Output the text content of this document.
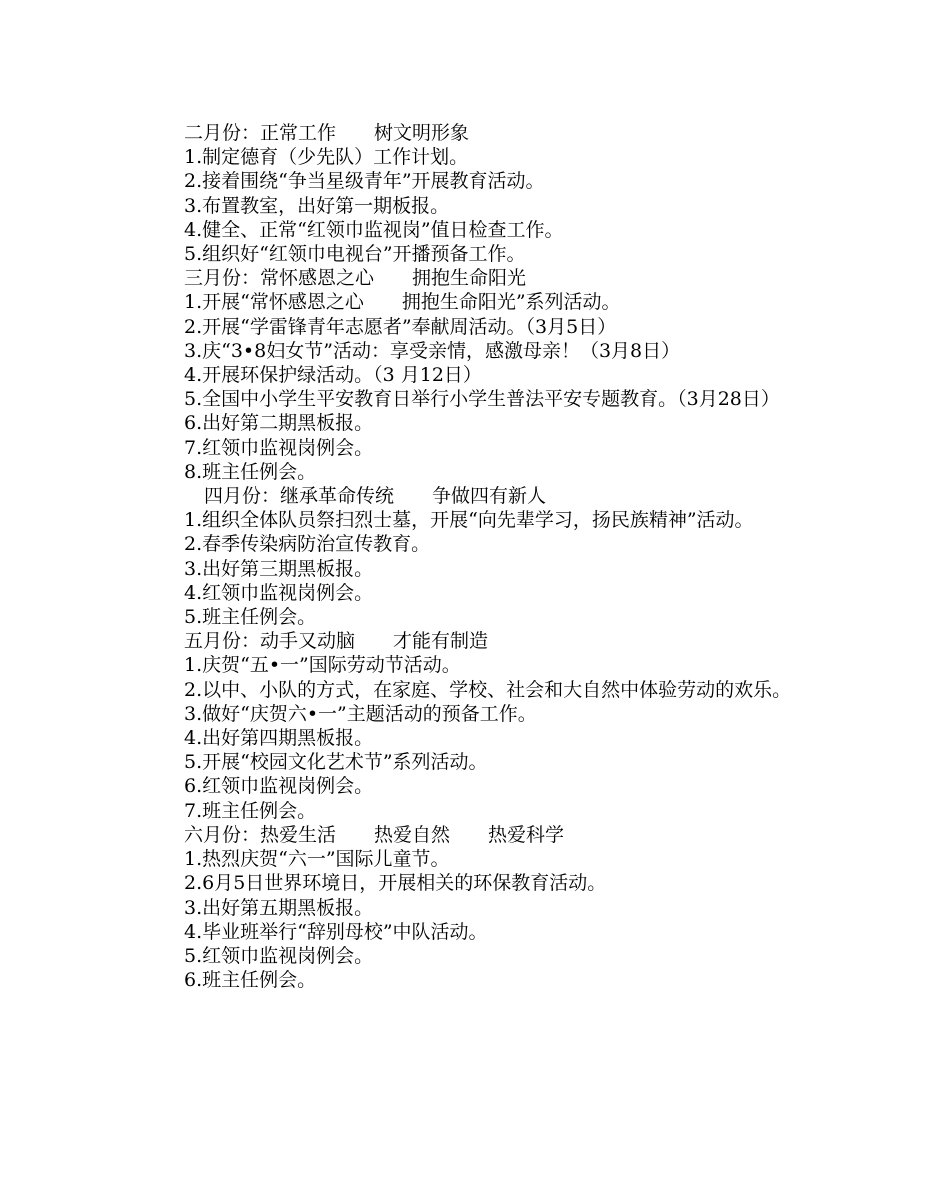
二月份：正常工作　　树文明形象
1.制定德育（少先队）工作计划。
2.接着围绕“争当星级青年”开展教育活动。
3.布置教室，出好第一期板报。
4.健全、正常“红领巾监视岗”值日检查工作。
5.组织好“红领巾电视台”开播预备工作。
三月份：常怀感恩之心　　拥抱生命阳光
1.开展“常怀感恩之心　　拥抱生命阳光”系列活动。
2.开展“学雷锋青年志愿者”奉献周活动。（3月5日）
3.庆“3•8妇女节”活动：享受亲情，感激母亲！（3月8日）
4.开展环保护绿活动。（3 月12日）
5.全国中小学生平安教育日举行小学生普法平安专题教育。（3月28日）
6.出好第二期黑板报。
7.红领巾监视岗例会。
8.班主任例会。
四月份：继承革命传统　　争做四有新人
1.组织全体队员祭扫烈士墓，开展“向先辈学习，扬民族精神”活动。
2.春季传染病防治宣传教育。
3.出好第三期黑板报。
4.红领巾监视岗例会。
5.班主任例会。
五月份：动手又动脑　　才能有制造
1.庆贺“五•一”国际劳动节活动。
2.以中、小队的方式，在家庭、学校、社会和大自然中体验劳动的欢乐。
3.做好“庆贺六•一”主题活动的预备工作。
4.出好第四期黑板报。
5.开展“校园文化艺术节”系列活动。
6.红领巾监视岗例会。
7.班主任例会。
六月份：热爱生活　　热爱自然　　热爱科学
1.热烈庆贺“六一”国际儿童节。
2.6月5日世界环境日，开展相关的环保教育活动。
3.出好第五期黑板报。
4.毕业班举行“辞别母校”中队活动。
5.红领巾监视岗例会。
6.班主任例会。
